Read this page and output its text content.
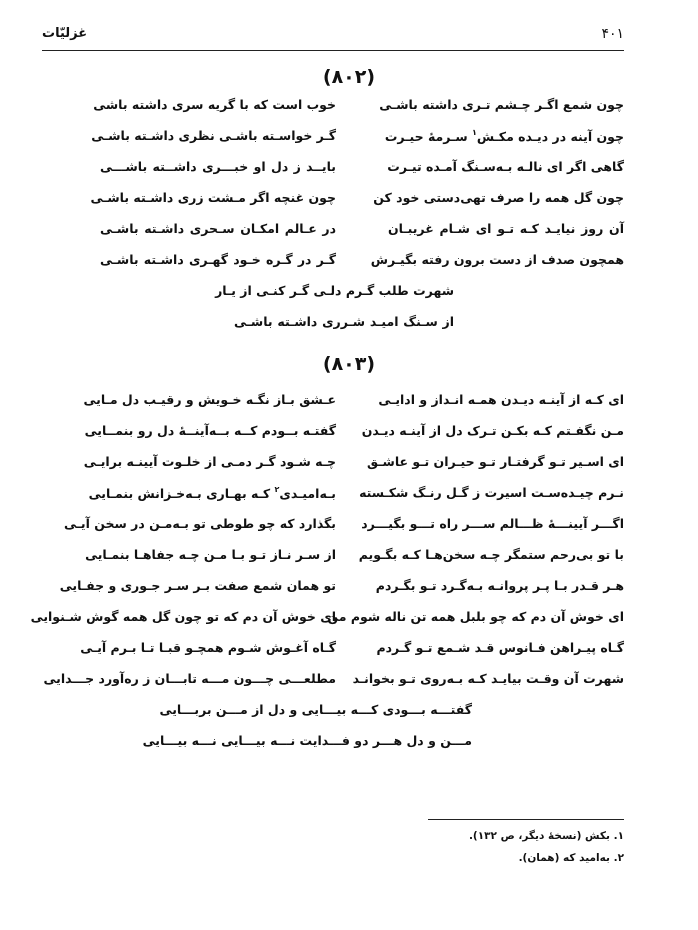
۴۰۱
غزلیّات
(۸۰۲)
چون شمع اگـر چـشم تـری داشته باشـی
خوب است که با گریه سری داشته باشی
چون آینه در دیـده مکـش$^۱$ سـرمهٔ حیـرت
گـر خواسـته باشـی نظری داشـته باشـی
گاهی اگر ای نالـه بـه‌سـنگ آمـده تیـرت
بایــد ز دل او خبـــری داشــته باشـــی
چون گل همه را صرف تهی‌دستی خود کن
چون غنچه اگر مـشت زری داشـته باشـی
آن روز نیایـد کـه تـو ای شـام غریبـان
در عـالم امکـان سـحری داشـته باشـی
همچون صدف از دست برون رفته بگیـرش
گـر در گـره خـود گهـری داشـته باشـی
شهرت طلب گـرم دلـی گـر کنـی از یـار
از سـنگ امیـد شـرری داشـته باشـی
(۸۰۳)
ای کـه از آینـه دیـدن همـه انـداز و ادایـی
عـشق بـاز نگـه خـویش و رقیـب دل مـایی
مـن نگفـتم کـه بکـن تـرک دل از آینـه دیـدن
گفتـه بــودم کــه بــه‌آینــهٔ دل رو بنمــایی
ای اسـیر تـو گرفتـار تـو حیـران تـو عاشـق
چـه شـود گـر دمـی از خلـوت آیینـه برایـی
نـرم چیـده‌سـت اسیرت ز گـل رنـگ شکـسته
بـه‌امیـدی$^۲$ کـه بهـاری بـه‌خـزانش بنمـایی
اگـــر آیینـــهٔ ظـــالم ســـر راه تـــو بگیـــرد
بگذارد که چو طوطی تو بـه‌مـن در سخن آیـی
با تو بی‌رحم ستمگر چـه سخن‌هـا کـه بگـویم
از سـر نـاز تـو بـا مـن چـه جفاهـا بنمـایی
هـر قـدر بـا پـر پروانـه بـه‌گـرد تـو بگـردم
تو همان شمع صفت بـر سـر جـوری و جفـایی
ای خوش آن دم که چو بلبل همه تن ناله شوم من
ای خوش آن دم که تو چون گل همه گوش شـنوایی
گـاه پیـراهن فـانوس قـد شـمع تـو گـردم
گـاه آغـوش شـوم همچـو قبـا تـا بـرم آیـی
شهرت آن وقـت بیایـد کـه بـه‌روی تـو بخوانـد
مطلعـــی چـــون مـــه تابـــان ز ره‌آورد جـــدایی
گفتـــه بـــودی کـــه بیـــایی و دل از مـــن بربـــایی
مـــن و دل هـــر دو فـــدایت نـــه بیـــایی نـــه بیـــایی
۱. بکش (نسخهٔ دیگر، ص ۱۳۲).
۲. به‌امید که (همان).
